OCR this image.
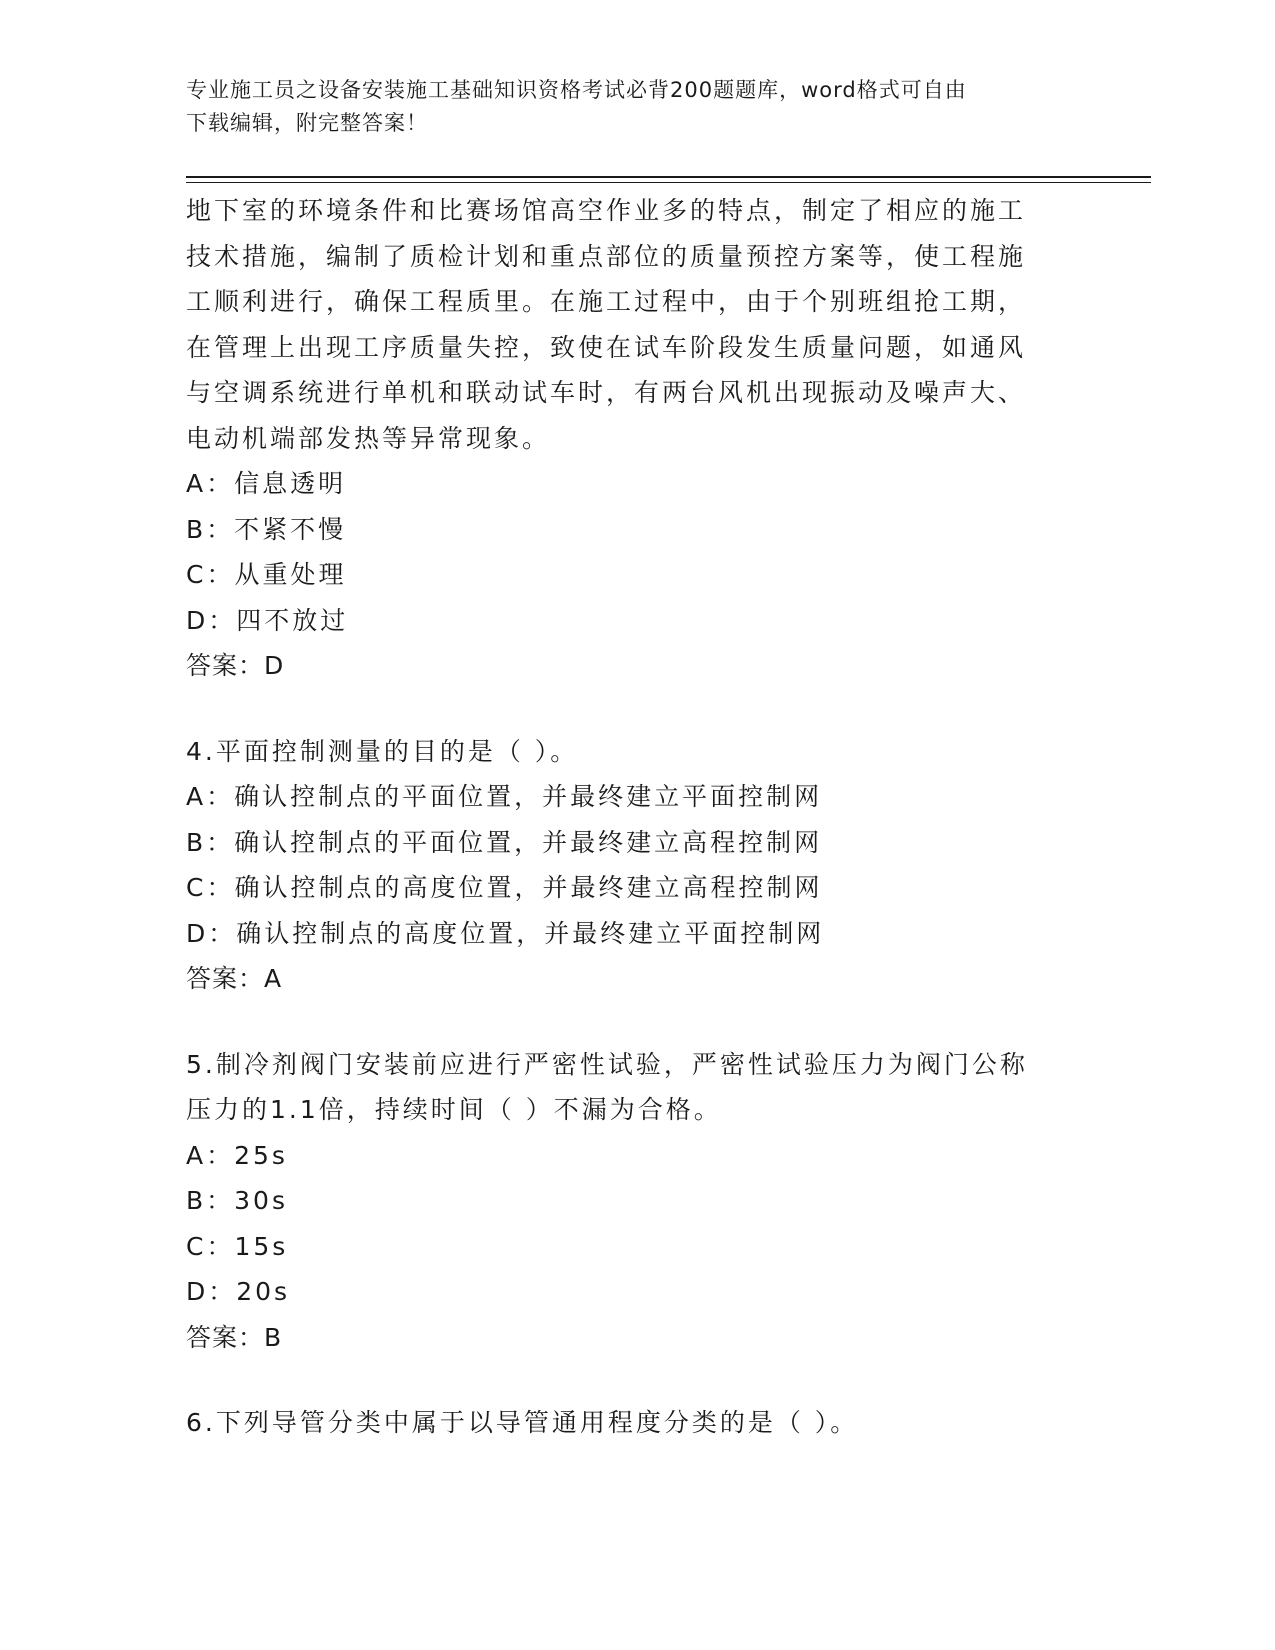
专业施工员之设备安装施工基础知识资格考试必背200题题库，word格式可自由
下载编辑，附完整答案！
地下室的环境条件和比赛场馆高空作业多的特点，制定了相应的施工
技术措施，编制了质检计划和重点部位的质量预控方案等，使工程施
工顺利进行，确保工程质里。在施工过程中，由于个别班组抢工期，
在管理上出现工序质量失控，致使在试车阶段发生质量问题，如通风
与空调系统进行单机和联动试车时，有两台风机出现振动及噪声大、
电动机端部发热等异常现象。
A：信息透明
B：不紧不慢
C：从重处理
D：四不放过
答案：D
4.平面控制测量的目的是（ ）。
A：确认控制点的平面位置，并最终建立平面控制网
B：确认控制点的平面位置，并最终建立高程控制网
C：确认控制点的高度位置，并最终建立高程控制网
D：确认控制点的高度位置，并最终建立平面控制网
答案：A
5.制冷剂阀门安装前应进行严密性试验，严密性试验压力为阀门公称
压力的1.1倍，持续时间（ ）不漏为合格。
A：25s
B：30s
C：15s
D：20s
答案：B
6.下列导管分类中属于以导管通用程度分类的是（ ）。
